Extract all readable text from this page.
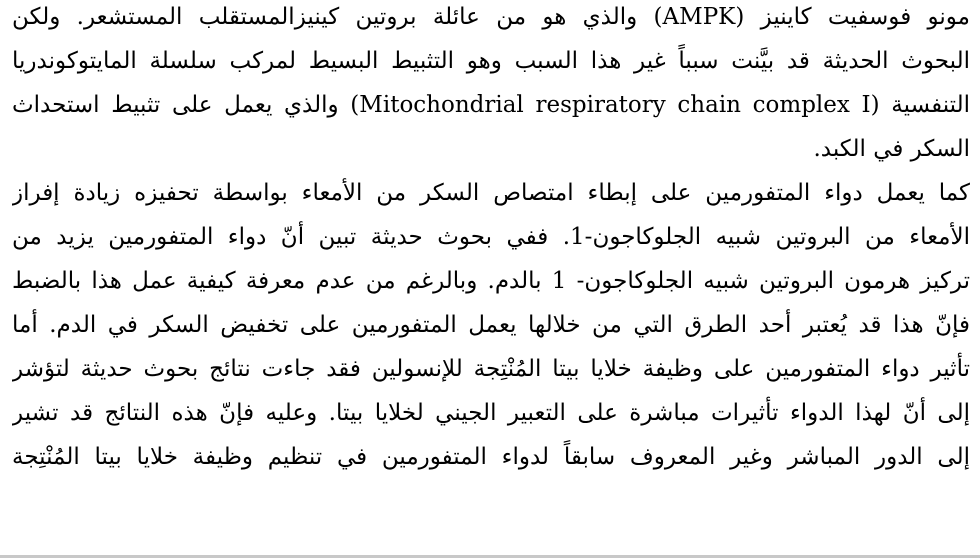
مونو فوسفيت كاينيز (AMPK) والذي هو من عائلة بروتين كينيزالمستقلب المستشعر. ولكن
البحوث الحديثة قد بيَّنت سبباً غير هذا السبب وهو التثبيط البسيط لمركب سلسلة المايتوكوندريا
التنفسية (Mitochondrial respiratory chain complex I) والذي يعمل على تثبيط استحداث
السكر في الكبد.
كما يعمل دواء المتفورمين على إبطاء امتصاص السكر من الأمعاء بواسطة تحفيزه زيادة إفراز
الأمعاء من البروتين شبيه الجلوكاجون-1. ففي بحوث حديثة تبين أنّ دواء المتفورمين يزيد من
تركيز هرمون البروتين شبيه الجلوكاجون- 1 بالدم. وبالرغم من عدم معرفة كيفية عمل هذا بالضبط
فإنّ هذا قد يُعتبر أحد الطرق التي من خلالها يعمل المتفورمين على تخفيض السكر في الدم. أما
تأثير دواء المتفورمين على وظيفة خلايا بيتا المُنْتِجة للإنسولين فقد جاءت نتائج بحوث حديثة لتؤشر
إلى أنّ لهذا الدواء تأثيرات مباشرة على التعبير الجيني لخلايا بيتا. وعليه فإنّ هذه النتائج قد تشير
إلى الدور المباشر وغير المعروف سابقاً لدواء المتفورمين في تنظيم وظيفة خلايا بيتا المُنْتِجة
